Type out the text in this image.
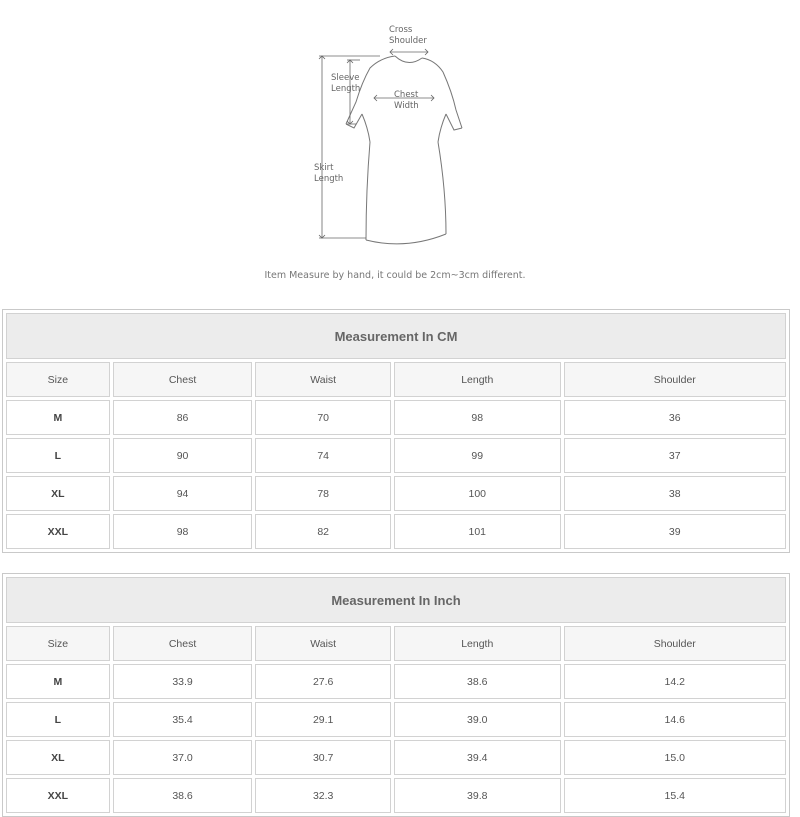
Cross
Shoulder
Sleeve
Length
Chest
Width
Skirt
Length
Item Measure by hand, it could be 2cm~3cm different.
Measurement In CM				
Size	Chest	Waist	Length	Shoulder
M	86	70	98	36
L	90	74	99	37
XL	94	78	100	38
XXL	98	82	101	39
Measurement In Inch				
Size	Chest	Waist	Length	Shoulder
M	33.9	27.6	38.6	14.2
L	35.4	29.1	39.0	14.6
XL	37.0	30.7	39.4	15.0
XXL	38.6	32.3	39.8	15.4
